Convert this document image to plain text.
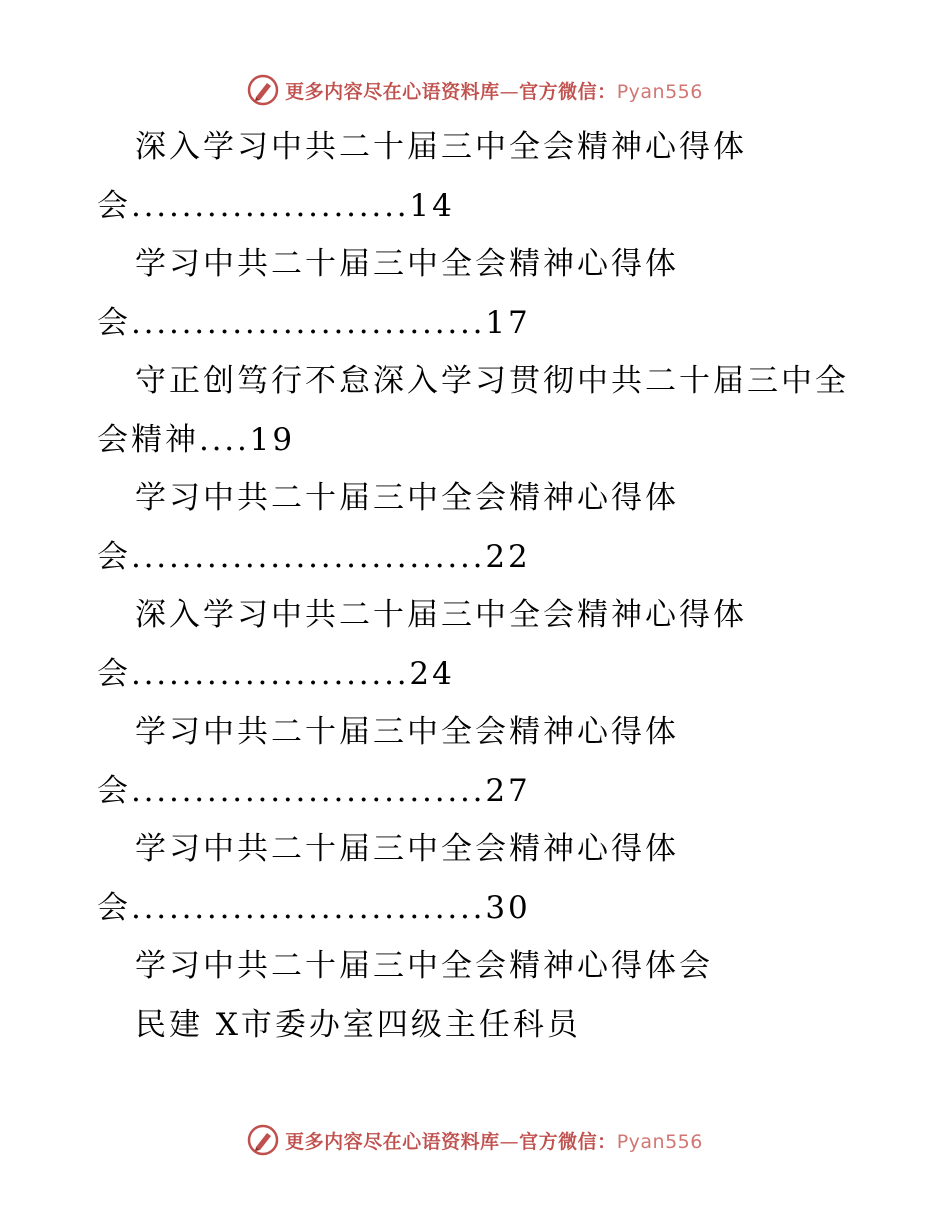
更多内容尽在心语资料库—官方微信：Pyan556
深入学习中共二十届三中全会精神心得体
会......................14
学习中共二十届三中全会精神心得体
会............................17
守正创笃行不怠深入学习贯彻中共二十届三中全
会精神....19
学习中共二十届三中全会精神心得体
会............................22
深入学习中共二十届三中全会精神心得体
会......................24
学习中共二十届三中全会精神心得体
会............................27
学习中共二十届三中全会精神心得体
会............................30
学习中共二十届三中全会精神心得体会
民建 X市委办室四级主任科员
更多内容尽在心语资料库—官方微信：Pyan556
